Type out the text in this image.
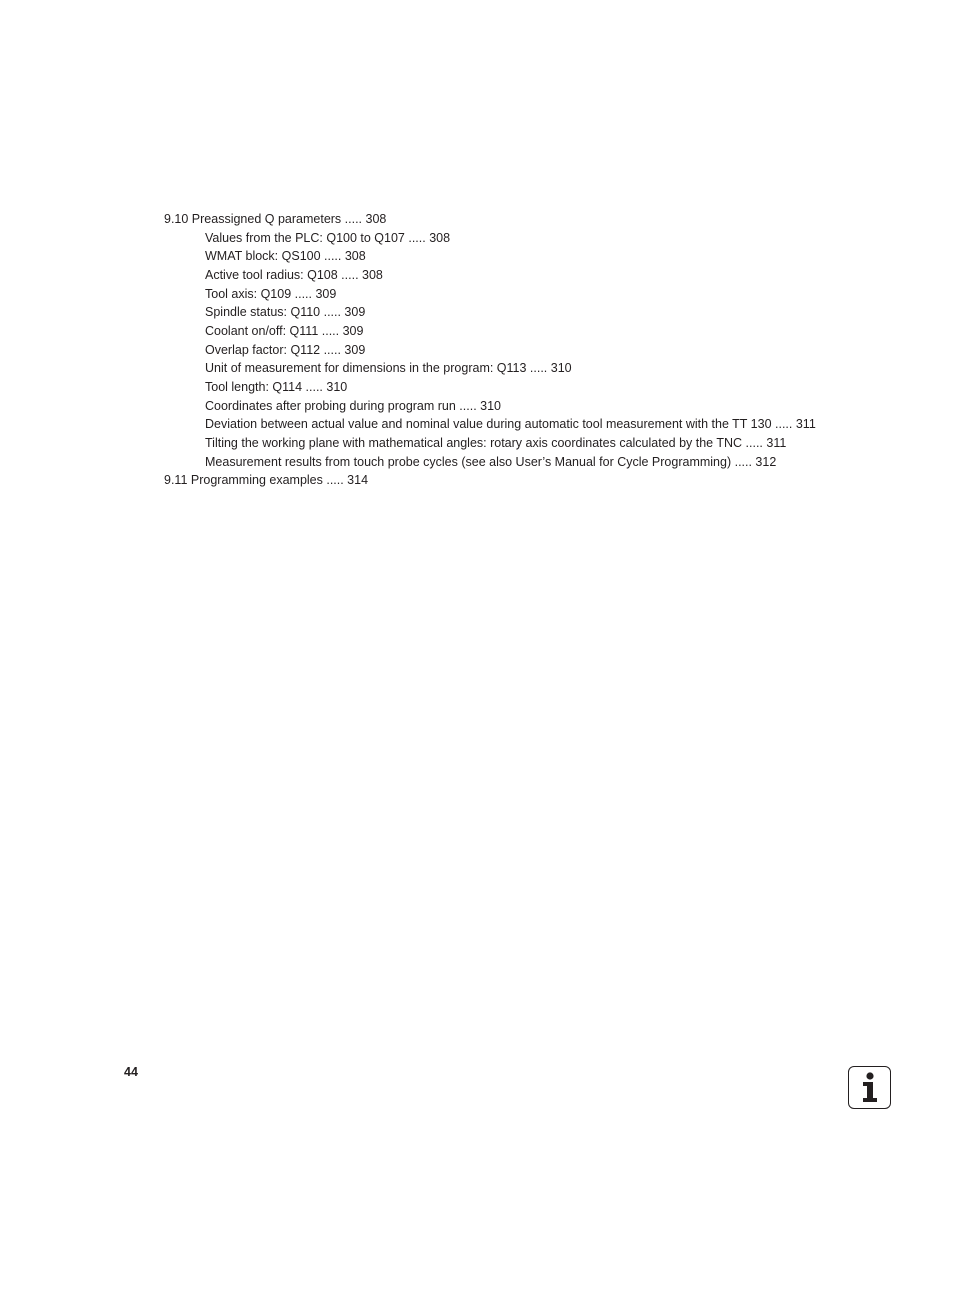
9.10 Preassigned Q parameters ..... 308
Values from the PLC: Q100 to Q107 ..... 308
WMAT block: QS100 ..... 308
Active tool radius: Q108 ..... 308
Tool axis: Q109 ..... 309
Spindle status: Q110 ..... 309
Coolant on/off: Q111 ..... 309
Overlap factor: Q112 ..... 309
Unit of measurement for dimensions in the program: Q113 ..... 310
Tool length: Q114 ..... 310
Coordinates after probing during program run ..... 310
Deviation between actual value and nominal value during automatic tool measurement with the TT 130 ..... 311
Tilting the working plane with mathematical angles: rotary axis coordinates calculated by the TNC ..... 311
Measurement results from touch probe cycles (see also User’s Manual for Cycle Programming) ..... 312
9.11 Programming examples ..... 314
44
